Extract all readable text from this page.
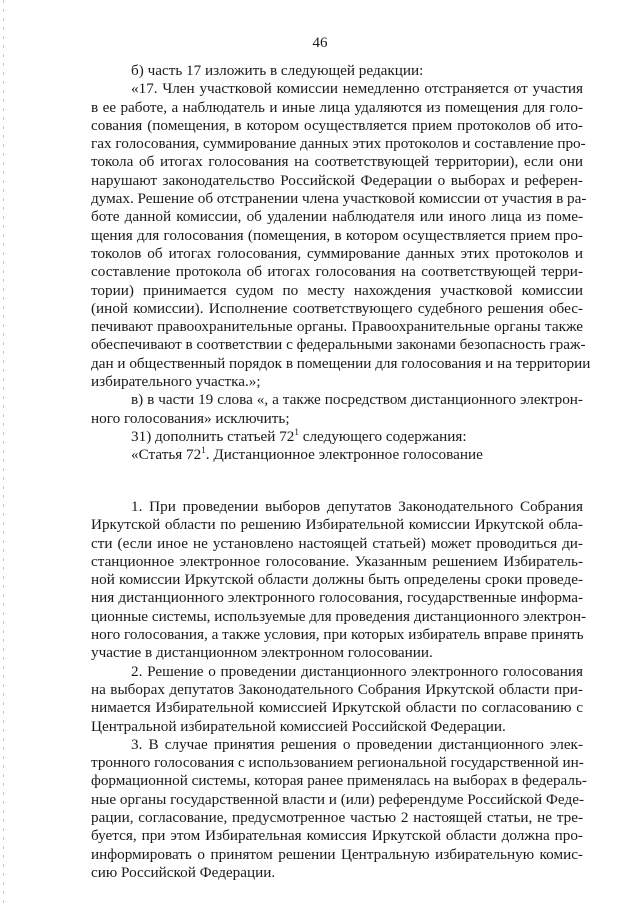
46
б) часть 17 изложить в следующей редакции:
«17. Член участковой комиссии немедленно отстраняется от участия
в ее работе, а наблюдатель и иные лица удаляются из помещения для голо-
сования (помещения, в котором осуществляется прием протоколов об ито-
гах голосования, суммирование данных этих протоколов и составление про-
токола об итогах голосования на соответствующей территории), если они
нарушают законодательство Российской Федерации о выборах и референ-
думах. Решение об отстранении члена участковой комиссии от участия в ра-
боте данной комиссии, об удалении наблюдателя или иного лица из поме-
щения для голосования (помещения, в котором осуществляется прием про-
токолов об итогах голосования, суммирование данных этих протоколов и
составление протокола об итогах голосования на соответствующей терри-
тории) принимается судом по месту нахождения участковой комиссии
(иной комиссии). Исполнение соответствующего судебного решения обес-
печивают правоохранительные органы. Правоохранительные органы также
обеспечивают в соответствии с федеральными законами безопасность граж-
дан и общественный порядок в помещении для голосования и на территории
избирательного участка.»;
в) в части 19 слова «, а также посредством дистанционного электрон-
ного голосования» исключить;
31) дополнить статьей $72^1$ следующего содержания:
«Статья $72^1$. Дистанционное электронное голосование
1. При проведении выборов депутатов Законодательного Собрания
Иркутской области по решению Избирательной комиссии Иркутской обла-
сти (если иное не установлено настоящей статьей) может проводиться ди-
станционное электронное голосование. Указанным решением Избиратель-
ной комиссии Иркутской области должны быть определены сроки проведе-
ния дистанционного электронного голосования, государственные информа-
ционные системы, используемые для проведения дистанционного электрон-
ного голосования, а также условия, при которых избиратель вправе принять
участие в дистанционном электронном голосовании.
2. Решение о проведении дистанционного электронного голосования
на выборах депутатов Законодательного Собрания Иркутской области при-
нимается Избирательной комиссией Иркутской области по согласованию с
Центральной избирательной комиссией Российской Федерации.
3. В случае принятия решения о проведении дистанционного элек-
тронного голосования с использованием региональной государственной ин-
формационной системы, которая ранее применялась на выборах в федераль-
ные органы государственной власти и (или) референдуме Российской Феде-
рации, согласование, предусмотренное частью 2 настоящей статьи, не тре-
буется, при этом Избирательная комиссия Иркутской области должна про-
информировать о принятом решении Центральную избирательную комис-
сию Российской Федерации.
